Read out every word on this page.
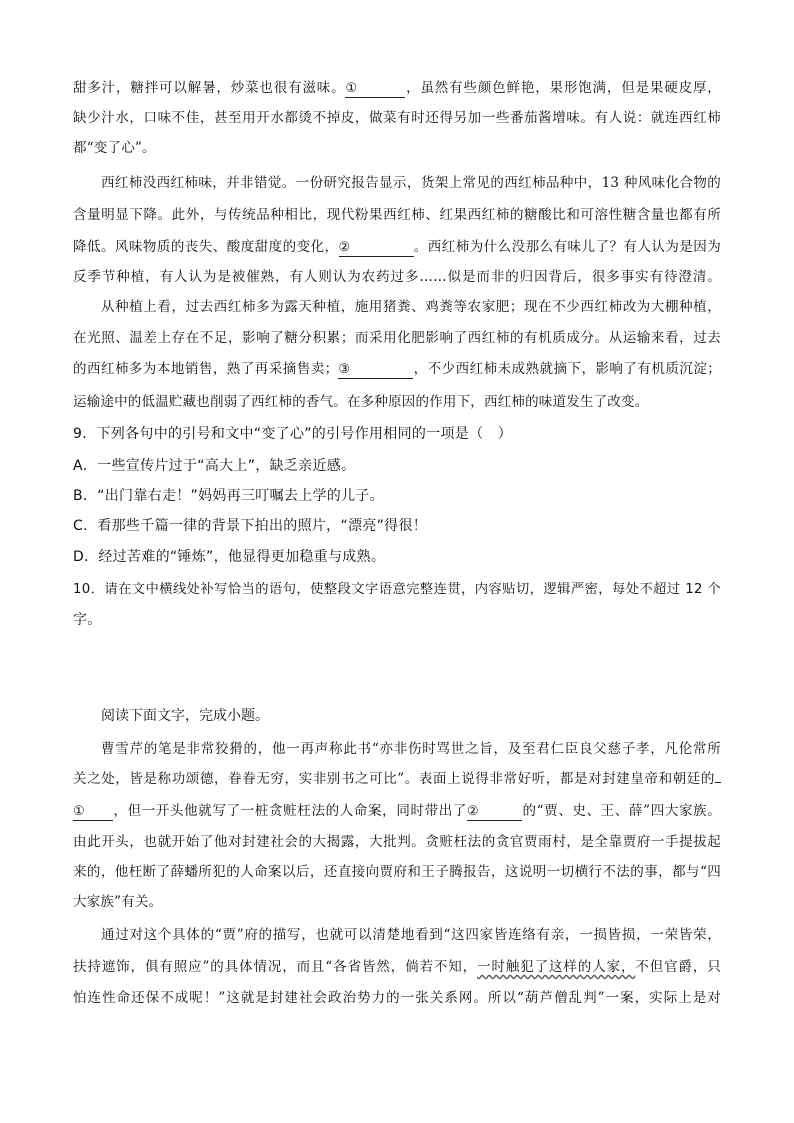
甜多汁，糖拌可以解暑，炒菜也很有滋味。①	，虽然有些颜色鲜艳，果形饱满，但是果硬皮厚，
缺少汁水，口味不佳，甚至用开水都烫不掉皮，做菜有时还得另加一些番茄酱增味。有人说：就连西红柿
都“变了心”。
西红柿没西红柿味，并非错觉。一份研究报告显示，货架上常见的西红柿品种中，13 种风味化合物的
含量明显下降。此外，与传统品种相比，现代粉果西红柿、红果西红柿的糖酸比和可溶性糖含量也都有所
降低。风味物质的丧失、酸度甜度的变化，②	。西红柿为什么没那么有味儿了？有人认为是因为
反季节种植，有人认为是被催熟，有人则认为农药过多……似是而非的归因背后，很多事实有待澄清。
从种植上看，过去西红柿多为露天种植，施用猪粪、鸡粪等农家肥；现在不少西红柿改为大棚种植，
在光照、温差上存在不足，影响了糖分积累；而采用化肥影响了西红柿的有机质成分。从运输来看，过去
的西红柿多为本地销售，熟了再采摘售卖；③	，不少西红柿未成熟就摘下，影响了有机质沉淀；
运输途中的低温贮藏也削弱了西红柿的香气。在多种原因的作用下，西红柿的味道发生了改变。
9．下列各句中的引号和文中“变了心”的引号作用相同的一项是（　）
A．一些宣传片过于“高大上”，缺乏亲近感。
B．“出门靠右走！”妈妈再三叮嘱去上学的儿子。
C．看那些千篇一律的背景下拍出的照片，“漂亮”得很！
D．经过苦难的“锤炼”，他显得更加稳重与成熟。
10．请在文中横线处补写恰当的语句，使整段文字语意完整连贯，内容贴切，逻辑严密，每处不超过 12 个
字。
阅读下面文字，完成小题。
曹雪芹的笔是非常狡猾的，他一再声称此书“亦非伤时骂世之旨，及至君仁臣良父慈子孝，凡伦常所
关之处，皆是称功颂德，眷眷无穷，实非别书之可比”。表面上说得非常好听，都是对封建皇帝和朝廷的
① ，但一开头他就写了一桩贪赃枉法的人命案，同时带出了②	的“贾、史、王、薛”四大家族。
由此开头，也就开始了他对封建社会的大揭露，大批判。贪赃枉法的贪官贾雨村，是全靠贾府一手提拔起
来的，他枉断了薛蟠所犯的人命案以后，还直接向贾府和王子腾报告，这说明一切横行不法的事，都与“四
大家族”有关。
通过对这个具体的“贾”府的描写，也就可以清楚地看到“这四家皆连络有亲，一损皆损，一荣皆荣，
扶持遮饰，俱有照应”的具体情况，而且“各省皆然，倘若不知，一时触犯了这样的人家，不但官爵，只
怕连性命还保不成呢！”这就是封建社会政治势力的一张关系网。所以“葫芦僧乱判”一案，实际上是对
